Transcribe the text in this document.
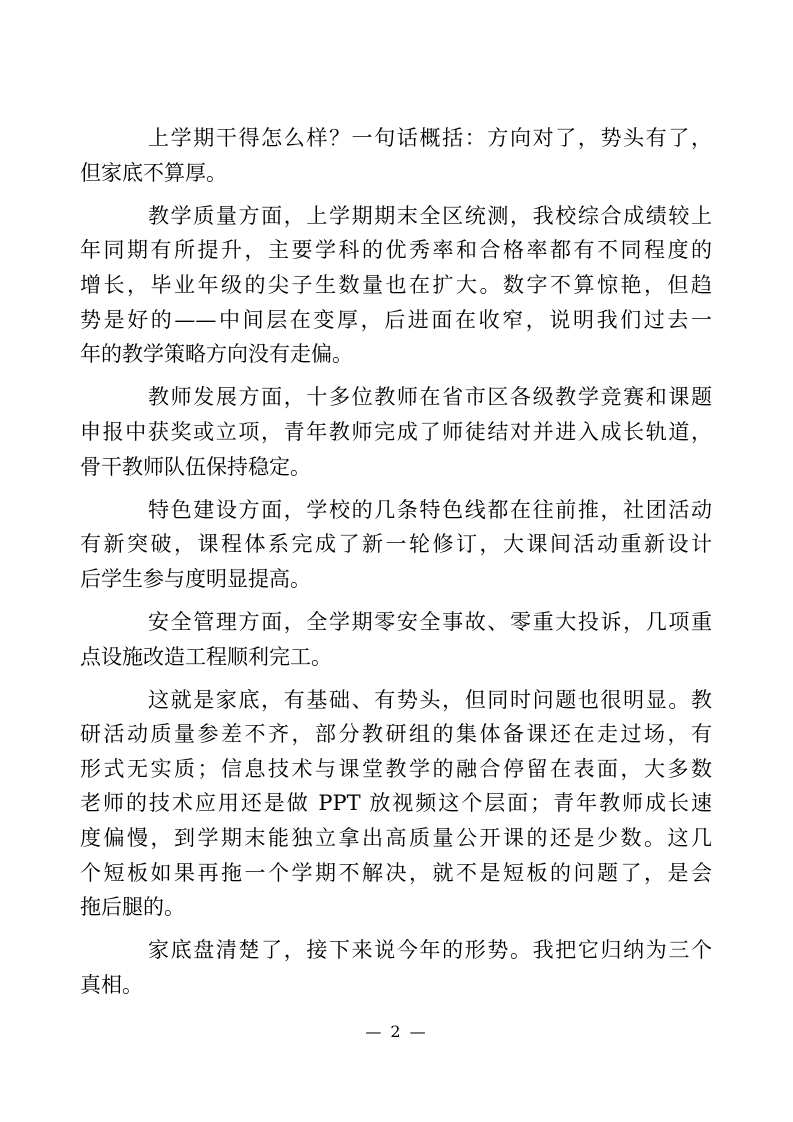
上学期干得怎么样？一句话概括：方向对了，势头有了，
但家底不算厚。
教学质量方面，上学期期末全区统测，我校综合成绩较上
年同期有所提升，主要学科的优秀率和合格率都有不同程度的
增长，毕业年级的尖子生数量也在扩大。数字不算惊艳，但趋
势是好的——中间层在变厚，后进面在收窄，说明我们过去一
年的教学策略方向没有走偏。
教师发展方面，十多位教师在省市区各级教学竞赛和课题
申报中获奖或立项，青年教师完成了师徒结对并进入成长轨道，
骨干教师队伍保持稳定。
特色建设方面，学校的几条特色线都在往前推，社团活动
有新突破，课程体系完成了新一轮修订，大课间活动重新设计
后学生参与度明显提高。
安全管理方面，全学期零安全事故、零重大投诉，几项重
点设施改造工程顺利完工。
这就是家底，有基础、有势头，但同时问题也很明显。教
研活动质量参差不齐，部分教研组的集体备课还在走过场，有
形式无实质；信息技术与课堂教学的融合停留在表面，大多数
老师的技术应用还是做 PPT 放视频这个层面；青年教师成长速
度偏慢，到学期末能独立拿出高质量公开课的还是少数。这几
个短板如果再拖一个学期不解决，就不是短板的问题了，是会
拖后腿的。
家底盘清楚了，接下来说今年的形势。我把它归纳为三个
真相。
— 2 —
